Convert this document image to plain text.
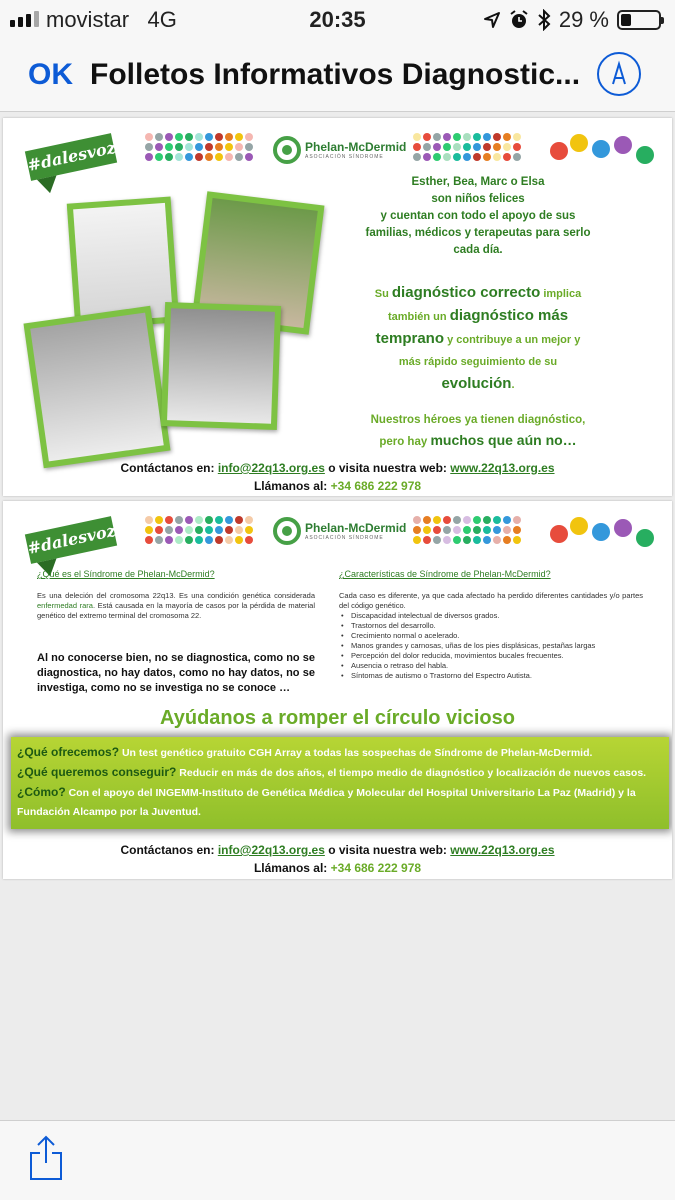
movistar 4G	20:35	29 %
OK Folletos Informativos Diagnostic...
#dalesvoz	Phelan-McDermid
ASOCIACIÓN SÍNDROME
Esther, Bea, Marc o Elsa
son niños felices
y cuentan con todo el apoyo de sus
familias, médicos y terapeutas para serlo
cada día.
Su diagnóstico correcto implica
también un diagnóstico más
temprano y contribuye a un mejor y
más rápido seguimiento de su
evolución.
Nuestros héroes ya tienen diagnóstico,
pero hay muchos que aún no…
Contáctanos en: info@22q13.org.es o visita nuestra web: www.22q13.org.es
Llámanos al: +34 686 222 978
#dalesvoz	Phelan-McDermid
ASOCIACIÓN SÍNDROME
¿Qué es el Síndrome de Phelan-McDermid?
Es una deleción del cromosoma 22q13. Es una condición genética considerada enfermedad rara. Está causada en la mayoría de casos por la pérdida de material genético del extremo terminal del cromosoma 22.
Al no conocerse bien, no se diagnostica, como no se diagnostica, no hay datos, como no hay datos, no se investiga, como no se investiga no se conoce …
¿Características de Síndrome de Phelan-McDermid?
Cada caso es diferente, ya que cada afectado ha perdido diferentes cantidades y/o partes del código genético.
• Discapacidad intelectual de diversos grados.
• Trastornos del desarrollo.
• Crecimiento normal o acelerado.
• Manos grandes y carnosas, uñas de los pies displásicas, pestañas largas
• Percepción del dolor reducida, movimientos bucales frecuentes.
• Ausencia o retraso del habla.
• Síntomas de autismo o Trastorno del Espectro Autista.
Ayúdanos a romper el círculo vicioso
¿Qué ofrecemos? Un test genético gratuito CGH Array a todas las sospechas de Síndrome de Phelan-McDermid.
¿Qué queremos conseguir? Reducir en más de dos años, el tiempo medio de diagnóstico y localización de nuevos casos.
¿Cómo? Con el apoyo del INGEMM-Instituto de Genética Médica y Molecular del Hospital Universitario La Paz (Madrid) y la Fundación Alcampo por la Juventud.
Contáctanos en: info@22q13.org.es o visita nuestra web: www.22q13.org.es
Llámanos al: +34 686 222 978
